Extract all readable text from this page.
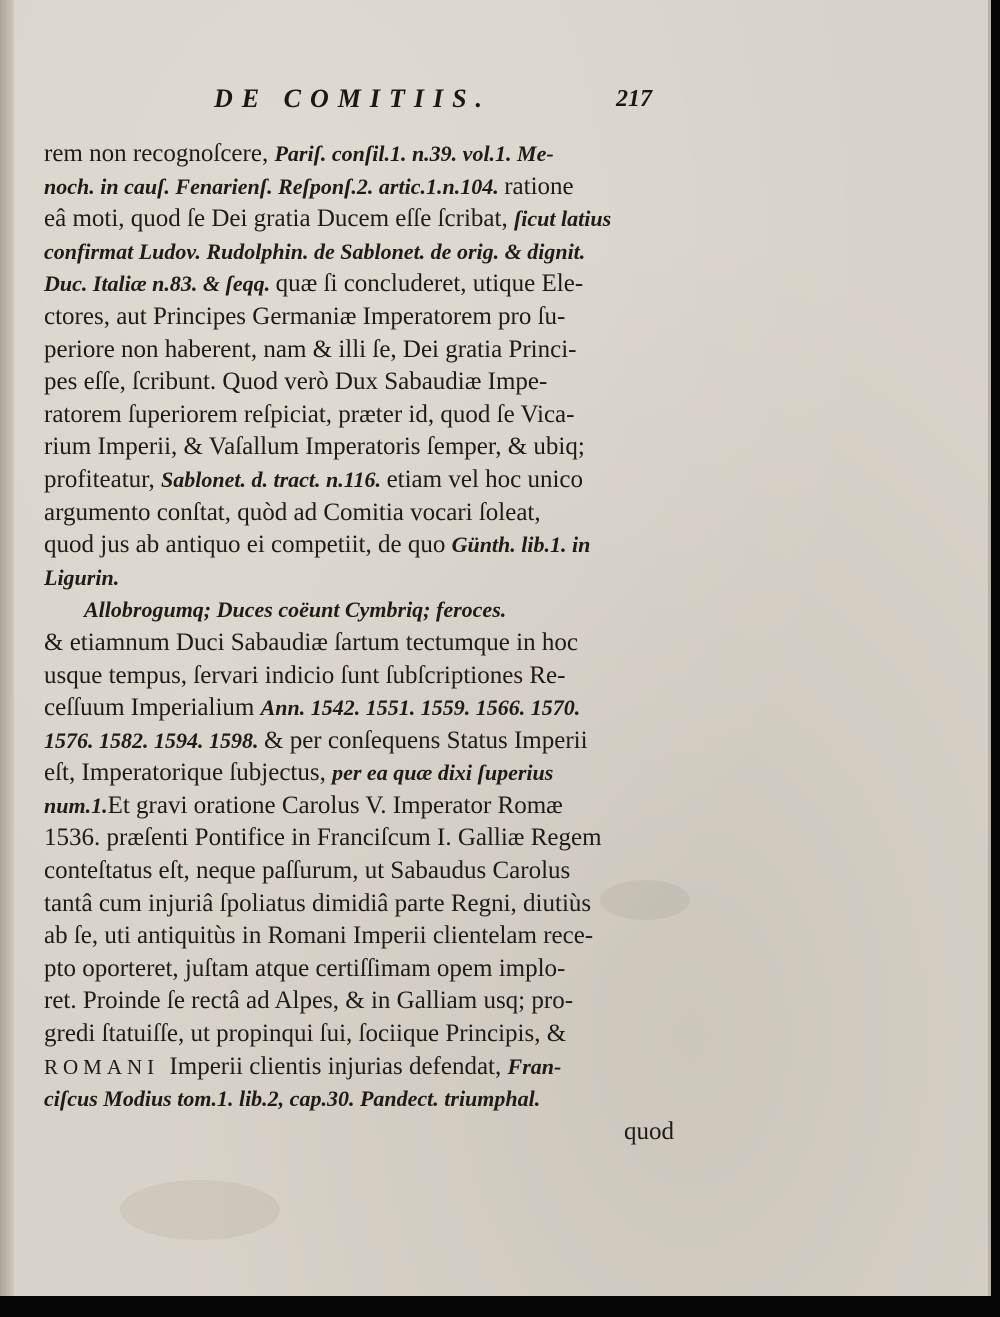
DE COMITIIS.	217
rem non recognoſcere, Pariſ. conſil.1. n.39. vol.1. Me-
noch. in cauſ. Fenarienſ. Reſponſ.2. artic.1.n.104. ratione
eâ moti, quod ſe Dei gratia Ducem eſſe ſcribat, ſicut latius
confirmat Ludov. Rudolphin. de Sablonet. de orig. & dignit.
Duc. Italiæ n.83. & ſeqq. quæ ſi concluderet, utique Ele-
ctores, aut Principes Germaniæ Imperatorem pro ſu-
periore non haberent, nam & illi ſe, Dei gratia Princi-
pes eſſe, ſcribunt. Quod verò Dux Sabaudiæ Impe-
ratorem ſuperiorem reſpiciat, præter id, quod ſe Vica-
rium Imperii, & Vaſallum Imperatoris ſemper, & ubiq;
profiteatur, Sablonet. d. tract. n.116. etiam vel hoc unico
argumento conſtat, quòd ad Comitia vocari ſoleat,
quod jus ab antiquo ei competiit, de quo Günth. lib.1. in
Ligurin.
Allobrogumq; Duces coëunt Cymbriq; feroces.
& etiamnum Duci Sabaudiæ ſartum tectumque in hoc
usque tempus, ſervari indicio ſunt ſubſcriptiones Re-
ceſſuum Imperialium Ann. 1542. 1551. 1559. 1566. 1570.
1576. 1582. 1594. 1598. & per conſequens Status Imperii
eſt, Imperatorique ſubjectus, per ea quæ dixi ſuperius
num.1.Et gravi oratione Carolus V. Imperator Romæ
1536. præſenti Pontifice in Franciſcum I. Galliæ Regem
conteſtatus eſt, neque paſſurum, ut Sabaudus Carolus
tantâ cum injuriâ ſpoliatus dimidiâ parte Regni, diutiùs
ab ſe, uti antiquitùs in Romani Imperii clientelam rece-
pto oporteret, juſtam atque certiſſimam opem implo-
ret. Proinde ſe rectâ ad Alpes, & in Galliam usq; pro-
gredi ſtatuiſſe, ut propinqui ſui, ſociique Principis, &
ROMANI Imperii clientis injurias defendat, Fran-
ciſcus Modius tom.1. lib.2, cap.30. Pandect. triumphal.
quod
